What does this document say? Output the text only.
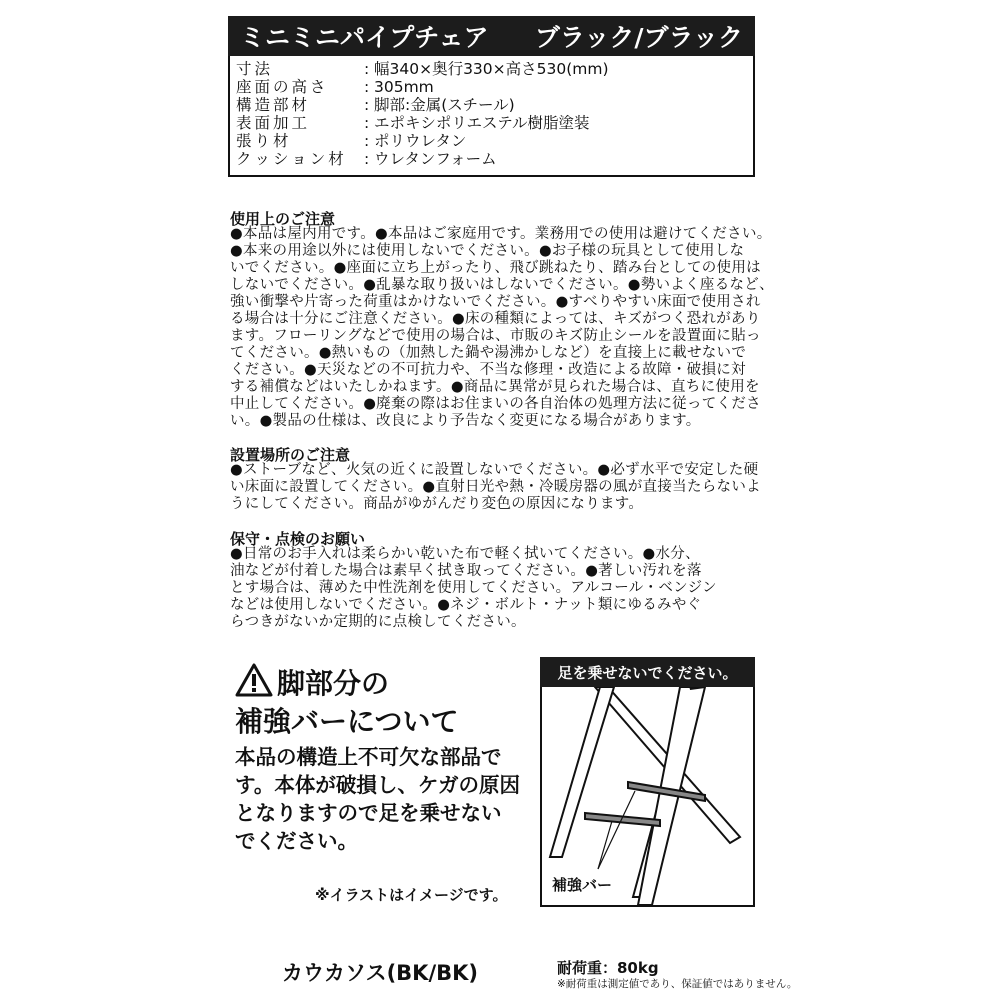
ミニミニパイプチェア ブラック/ブラック
寸法	: 幅340×奥行330×高さ530(mm)
座面の高さ : 305mm
構造部材	: 脚部:金属(スチール)
表面加工	: エポキシポリエステル樹脂塗装
張り材	: ポリウレタン
クッション材 : ウレタンフォーム
使用上のご注意
●本品は屋内用です。●本品はご家庭用です。業務用での使用は避けてください。
●本来の用途以外には使用しないでください。●お子様の玩具として使用しな
いでください。●座面に立ち上がったり、飛び跳ねたり、踏み台としての使用は
しないでください。●乱暴な取り扱いはしないでください。●勢いよく座るなど、
強い衝撃や片寄った荷重はかけないでください。●すべりやすい床面で使用され
る場合は十分にご注意ください。●床の種類によっては、キズがつく恐れがあり
ます。フローリングなどで使用の場合は、市販のキズ防止シールを設置面に貼っ
てください。●熱いもの（加熱した鍋や湯沸かしなど）を直接上に載せないで
ください。●天災などの不可抗力や、不当な修理・改造による故障・破損に対
する補償などはいたしかねます。●商品に異常が見られた場合は、直ちに使用を
中止してください。●廃棄の際はお住まいの各自治体の処理方法に従ってくださ
い。●製品の仕様は、改良により予告なく変更になる場合があります。
設置場所のご注意
●ストーブなど、火気の近くに設置しないでください。●必ず水平で安定した硬
い床面に設置してください。●直射日光や熱・冷暖房器の風が直接当たらないよ
うにしてください。商品がゆがんだり変色の原因になります。
保守・点検のお願い
●日常のお手入れは柔らかい乾いた布で軽く拭いてください。●水分、
油などが付着した場合は素早く拭き取ってください。●著しい汚れを落
とす場合は、薄めた中性洗剤を使用してください。アルコール・ベンジン
などは使用しないでください。●ネジ・ボルト・ナット類にゆるみやぐ
らつきがないか定期的に点検してください。
脚部分の
補強バーについて
本品の構造上不可欠な部品で
す。本体が破損し、ケガの原因
となりますので足を乗せない
でください。
※イラストはイメージです。
足を乗せないでください。
補強バー
カウカソス(BK/BK)	耐荷重：80kg
※耐荷重は測定値であり、保証値ではありません。
